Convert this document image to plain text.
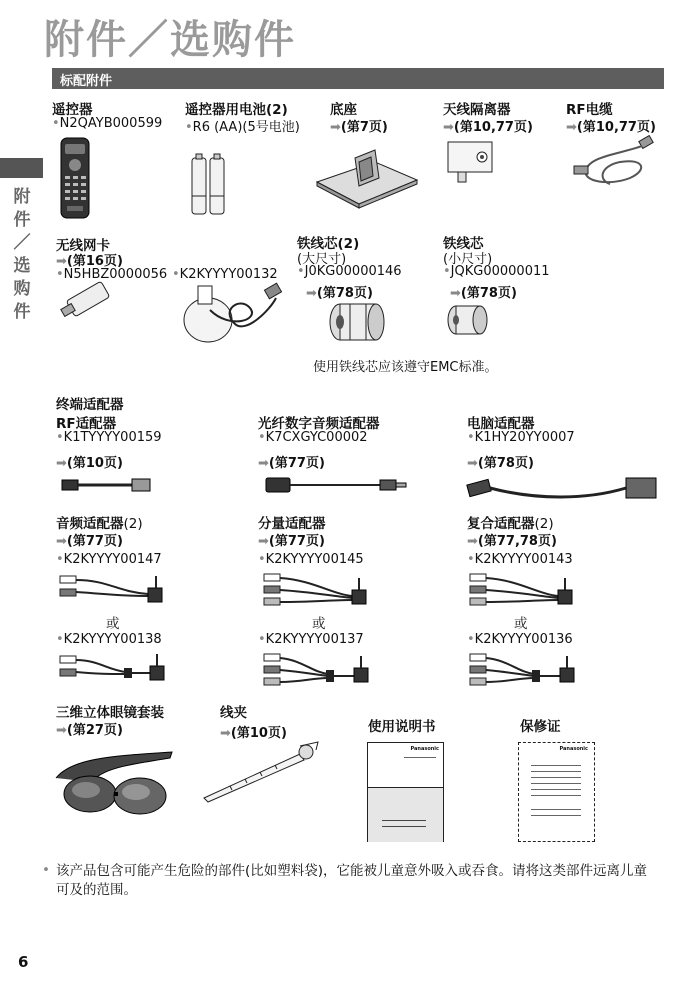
附件／选购件
标配附件
附
件
／
选
购
件
遥控器
•N2QAYB000599
遥控器用电池(2)
•R6 (AA)(5号电池)
底座
➡(第7页)
天线隔离器
➡(第10,77页)
RF电缆
➡(第10,77页)
无线网卡
➡(第16页)
•N5HBZ0000056 •K2KYYYY00132
铁线芯(2)
(大尺寸)
•J0KG00000146
➡(第78页)
铁线芯
(小尺寸)
•JQKG00000011
➡(第78页)
使用铁线芯应该遵守EMC标准。
终端适配器
RF适配器
•K1TYYYY00159
➡(第10页)
光纤数字音频适配器
•K7CXGYC00002
➡(第77页)
电脑适配器
•K1HY20YY0007
➡(第78页)
音频适配器(2)
➡(第77页)
•K2KYYYY00147
或
•K2KYYYY00138
分量适配器
➡(第77页)
•K2KYYYY00145
或
•K2KYYYY00137
复合适配器(2)
➡(第77,78页)
•K2KYYYY00143
或
•K2KYYYY00136
三维立体眼镜套装
➡(第27页)
线夹
➡(第10页)	使用说明书
Panasonic
保修证
Panasonic
• 该产品包含可能产生危险的部件(比如塑料袋)，它能被儿童意外吸入或吞食。请将这类部件远离儿童可及的范围。
6
